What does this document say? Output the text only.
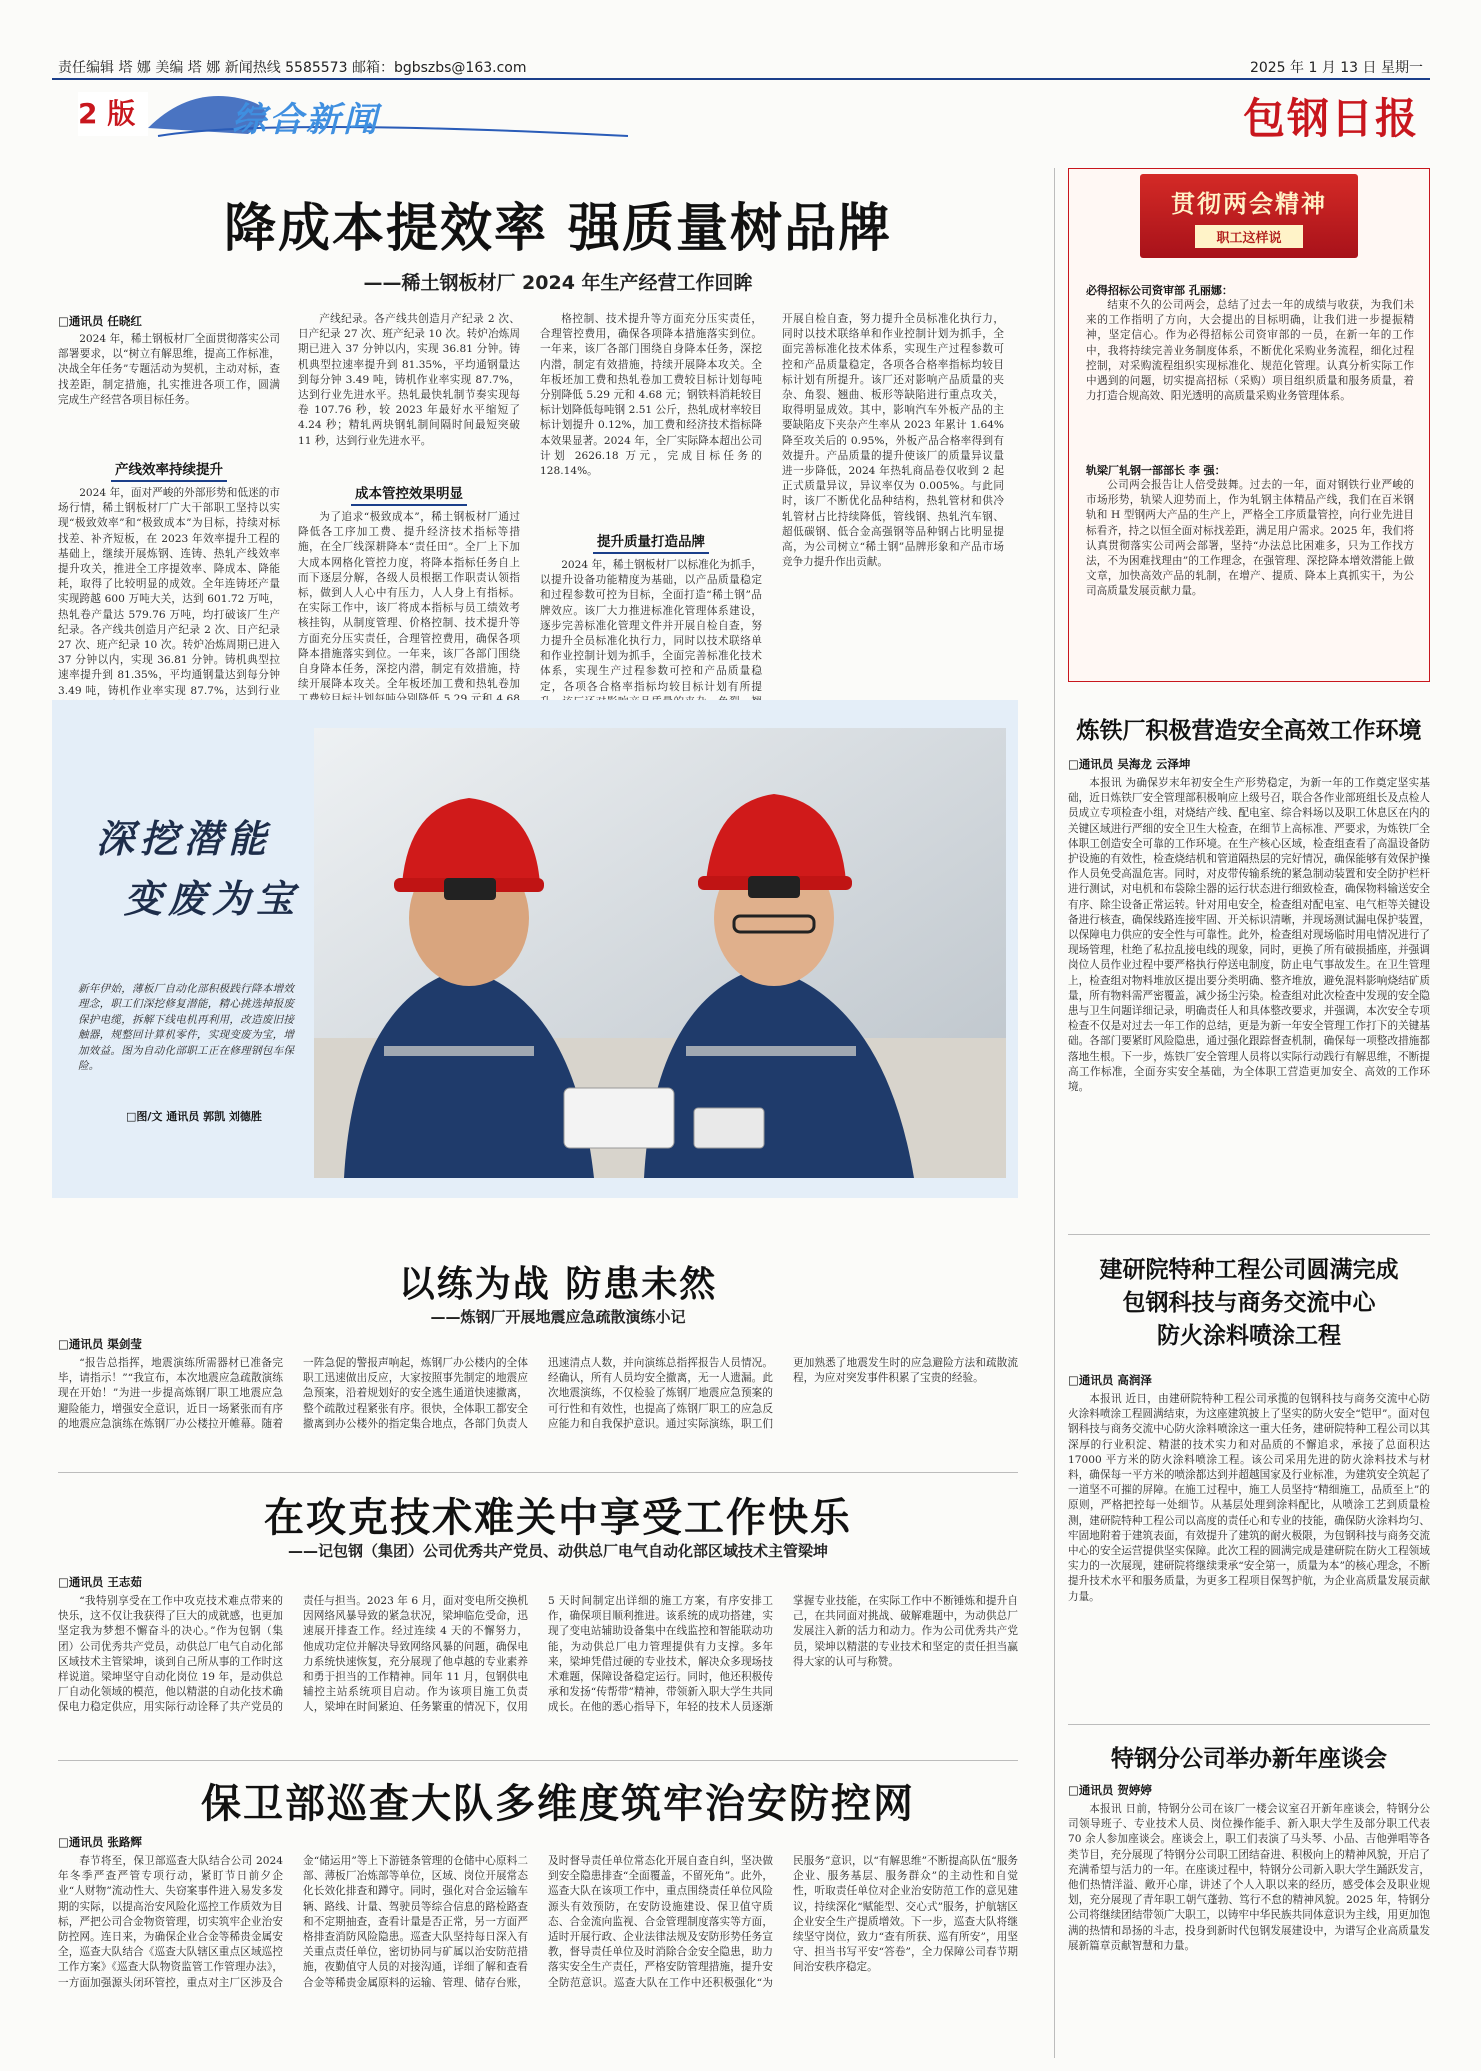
责任编辑 塔 娜 美编 塔 娜 新闻热线 5585573 邮箱：bgbszbs@163.com	2025 年 1 月 13 日 星期一
2 版	综合新闻	包钢日报
降成本提效率 强质量树品牌
——稀土钢板材厂 2024 年生产经营工作回眸
□通讯员 任晓红
2024 年，稀土钢板材厂全面贯彻落实公司部署要求，以“树立有解思维，提高工作标准，决战全年任务”专题活动为契机，主动对标，查找差距，制定措施，扎实推进各项工作，圆满完成生产经营各项目标任务。
产线效率持续提升
2024 年，面对严峻的外部形势和低迷的市场行情，稀土钢板材厂广大干部职工坚持以实现“极致效率”和“极致成本”为目标，持续对标找差、补齐短板，在 2023 年效率提升工程的基础上，继续开展炼钢、连铸、热轧产线效率提升攻关，推进全工序提效率、降成本、降能耗，取得了比较明显的成效。全年连铸坯产量实现跨越 600 万吨大关，达到 601.72 万吨，热轧卷产量达 579.76 万吨，均打破该厂生产纪录。各产线共创造月产纪录 2 次、日产纪录 27 次、班产纪录 10 次。转炉冶炼周期已进入 37 分钟以内，实现 36.81 分钟。铸机典型拉速率提升到 81.35%，平均通钢量达到每分钟 3.49 吨，铸机作业率实现 87.7%，达到行业
产线纪录。各产线共创造月产纪录 2 次、日产纪录 27 次、班产纪录 10 次。转炉冶炼周期已进入 37 分钟以内，实现 36.81 分钟。铸机典型拉速率提升到 81.35%，平均通钢量达到每分钟 3.49 吨，铸机作业率实现 87.7%，达到行业先进水平。热轧最快轧制节奏实现每卷 107.76 秒，较 2023 年最好水平缩短了 4.24 秒；精轧两块钢轧制间隔时间最短突破 11 秒，达到行业先进水平。
成本管控效果明显
为了追求“极致成本”，稀土钢板材厂通过降低各工序加工费、提升经济技术指标等措施，在全厂线深耕降本“责任田”。全厂上下加大成本网格化管控力度，将降本指标任务自上而下逐层分解，各级人员根据工作职责认领指标，做到人人心中有压力，人人身上有指标。在实际工作中，该厂将成本指标与员工绩效考核挂钩，从制度管理、价格控制、技术提升等方面充分压实责任，合理管控费用，确保各项降本措施落实到位。一年来，该厂各部门围绕自身降本任务，深挖内潜，制定有效措施，持续开展降本攻关。全年板坯加工费和热轧卷加
格控制、技术提升等方面充分压实责任，合理管控费用，确保各项降本措施落实到位。一年来，该厂各部门围绕自身降本任务，深挖内潜，制定有效措施，持续开展降本攻关。全年板坯加工费和热轧卷加工费较目标计划每吨分别降低 5.29 元和 4.68 元；钢铁料消耗较目标计划降低每吨钢 2.51 公斤，热轧成材率较目标计划提升 0.12%，加工费和经济技术指标降本效果显著。2024 年，全厂实际降本超出公司计划 2626.18 万元，完成目标任务的 128.14%。
提升质量打造品牌
2024 年，稀土钢板材厂以标准化为抓手，以提升设备功能精度为基础，以产品质量稳定和过程参数可控为目标，全面打造“稀土钢”品牌效应。该厂大力推进标准化管理体系建设，逐步完善标准化管理文件并开展自检自查，努力提升全员标准化执行力，同时以技术联络单和作业控制计划为抓手，全面完善标准化技术体系，实现生产过程参数可控和产品质量稳定，各项各合格率指标均较目标计划有所提
开展自检自查，努力提升全员标准化执行力，同时以技术联络单和作业控制计划为抓手，全面完善标准化技术体系，实现生产过程参数可控和产品质量稳定，各项各合格率指标均较目标计划有所提升。该厂还对影响产品质量的夹杂、角裂、翘曲、板形等缺陷进行重点攻关，取得明显成效。其中，影响汽车外板产品的主要缺陷皮下夹杂产生率从 2023 年累计 1.64%降至攻关后的 0.95%，外板产品合格率得到有效提升。产品质量的提升使该厂的质量异议量进一步降低，2024 年热轧商品卷仅收到 2 起正式质量异议，异议率仅为 0.005%。与此同时，该厂不断优化品种结构，热轧管材和供冷轧管材占比持续降低，管线钢、热轧汽车钢、超低碳钢、低合金高强钢等品种钢占比明显提高，为公司树立“稀土钢”品牌形象和产品市场竞争力提升作出贡献。
贯彻两会精神
职工这样说
必得招标公司资审部 孔丽娜：
结束不久的公司两会，总结了过去一年的成绩与收获，为我们未来的工作指明了方向，大会提出的目标明确，让我们进一步提振精神，坚定信心。作为必得招标公司资审部的一员，在新一年的工作中，我将持续完善业务制度体系，不断优化采购业务流程，细化过程控制，对采购流程组织实现标准化、规范化管理。认真分析实际工作中遇到的问题，切实提高招标（采购）项目组织质量和服务质量，着力打造合规高效、阳光透明的高质量采购业务管理体系。
轨梁厂轧钢一部部长 李 强：
公司两会报告让人倍受鼓舞。过去的一年，面对钢铁行业严峻的市场形势，轨梁人迎势而上，作为轧钢主体精品产线，我们在百米钢轨和 H 型钢两大产品的生产上，严格全工序质量管控，向行业先进目标看齐，持之以恒全面对标找差距，满足用户需求。2025 年，我们将认真贯彻落实公司两会部署，坚持“办法总比困难多，只为工作找方法，不为困难找理由”的工作理念，在强管理、深挖降本增效潜能上做文章，加快高效产品的轧制，在增产、提质、降本上真抓实干，为公司高质量发展贡献力量。
深挖潜能
变废为宝
新年伊始，薄板厂自动化部积极践行降本增效理念，职工们深挖修复潜能，精心挑选掉报废保护电缆，拆解下线电机再利用，改造废旧接触器，规整回计算机零件，实现变废为宝，增加效益。图为自动化部职工正在修理钢包车保险。
□图/文 通讯员 郭凯 刘德胜
炼铁厂积极营造安全高效工作环境
□通讯员 吴海龙 云泽坤
本报讯 为确保岁末年初安全生产形势稳定，为新一年的工作奠定坚实基础，近日炼铁厂安全管理部积极响应上级号召，联合各作业部班组长及点检人员成立专项检查小组，对烧结产线、配电室、综合料场以及职工休息区在内的关键区域进行严细的安全卫生大检查，在细节上高标准、严要求，为炼铁厂全体职工创造安全可靠的工作环境。在生产核心区域，检查组查看了高温设备防护设施的有效性，检查烧结机和管道隔热层的完好情况，确保能够有效保护操作人员免受高温危害。同时，对皮带传输系统的紧急制动装置和安全防护栏杆进行测试，对电机和布袋除尘器的运行状态进行细致检查，确保物料输送安全有序、除尘设备正常运转。针对用电安全，检查组对配电室、电气柜等关键设备进行核查，确保线路连接牢固、开关标识清晰，并现场测试漏电保护装置，以保障电力供应的安全性与可靠性。此外，检查组对现场临时用电情况进行了现场管理，杜绝了私拉乱接电线的现象，同时，更换了所有破损插座，并强调岗位人员作业过程中要严格执行停送电制度，防止电气事故发生。在卫生管理上，检查组对物料堆放区提出要分类明确、整齐堆放，避免混料影响烧结矿质量，所有物料需严密覆盖，减少扬尘污染。检查组对此次检查中发现的安全隐患与卫生问题详细记录，明确责任人和具体整改要求，并强调，本次安全专项检查不仅是对过去一年工作的总结，更是为新一年安全管理工作打下的关键基础。各部门要紧盯风险隐患，通过强化跟踪督查机制，确保每一项整改措施都落地生根。下一步，炼铁厂安全管理人员将以实际行动践行有解思维，不断提高工作标准，全面夯实安全基础，为全体职工营造更加安全、高效的工作环境。
以练为战 防患未然
——炼钢厂开展地震应急疏散演练小记
□通讯员 渠剑莹
“报告总指挥，地震演练所需器材已准备完毕，请指示！”“我宣布，本次地震应急疏散演练现在开始！”为进一步提高炼钢厂职工地震应急避险能力，增强安全意识，近日一场紧张而有序的地震应急演练在炼钢厂办公楼拉开帷幕。随着一阵急促的警报声响起，炼钢厂办公楼内的全体职工迅速做出反应，大家按照事先制定的地震应急预案，沿着规划好的安全逃生通道快速撤离，整个疏散过程紧张有序。很快，全体职工都安全撤离到办公楼外的指定集合地点，各部门负责人迅速清点人数，并向演练总指挥报告人员情况。经确认，所有人员均安全撤离，无一人遗漏。此次地震演练，不仅检验了炼钢厂地震应急预案的可行性和有效性，也提高了炼钢厂职工的应急反应能力和自我保护意识。通过实际演练，职工们更加熟悉了地震发生时的应急避险方法和疏散流程，为应对突发事件积累了宝贵的经验。
建研院特种工程公司圆满完成
包钢科技与商务交流中心
防火涂料喷涂工程
□通讯员 高润泽
本报讯 近日，由建研院特种工程公司承揽的包钢科技与商务交流中心防火涂料喷涂工程圆满结束，为这座建筑披上了坚实的防火安全“铠甲”。面对包钢科技与商务交流中心防火涂料喷涂这一重大任务，建研院特种工程公司以其深厚的行业积淀、精湛的技术实力和对品质的不懈追求，承接了总面积达 17000 平方米的防火涂料喷涂工程。该公司采用先进的防火涂料技术与材料，确保每一平方米的喷涂都达到并超越国家及行业标准，为建筑安全筑起了一道坚不可摧的屏障。在施工过程中，施工人员坚持“精细施工，品质至上”的原则，严格把控每一处细节。从基层处理到涂料配比，从喷涂工艺到质量检测，建研院特种工程公司以高度的责任心和专业的技能，确保防火涂料均匀、牢固地附着于建筑表面，有效提升了建筑的耐火极限，为包钢科技与商务交流中心的安全运营提供坚实保障。此次工程的圆满完成是建研院在防火工程领域实力的一次展现，建研院将继续秉承“安全第一，质量为本”的核心理念，不断提升技术水平和服务质量，为更多工程项目保驾护航，为企业高质量发展贡献力量。
在攻克技术难关中享受工作快乐
——记包钢（集团）公司优秀共产党员、动供总厂电气自动化部区域技术主管梁坤
□通讯员 王志茹
“我特别享受在工作中攻克技术难点带来的快乐，这不仅让我获得了巨大的成就感，也更加坚定我为梦想不懈奋斗的决心。”作为包钢（集团）公司优秀共产党员，动供总厂电气自动化部区域技术主管梁坤，谈到自己所从事的工作时这样说道。梁坤坚守自动化岗位 19 年，是动供总厂自动化领域的模范，他以精湛的自动化技术确保电力稳定供应，用实际行动诠释了共产党员的责任与担当。2023 年 6 月，面对变电所交换机因网络风暴导致的紧急状况，梁坤临危受命，迅速展开排查工作。经过连续 4 天的不懈努力，他成功定位并解决导致网络风暴的问题，确保电力系统快速恢复，充分展现了他卓越的专业素养和勇于担当的工作精神。同年 11 月，包钢供电辅控主站系统项目启动。作为该项目施工负责人，梁坤在时间紧迫、任务繁重的情况下，仅用 5 天时间制定出详细的施工方案，有序安排工作，确保项目顺利推进。该系统的成功搭建，实现了变电站辅助设备集中在线监控和智能联动功能，为动供总厂电力管理提供有力支撑。多年来，梁坤凭借过硬的专业技术，解决众多现场技术难题，保障设备稳定运行。同时，他还积极传承和发扬“传帮带”精神，带领新入职大学生共同成长。在他的悉心指导下，年轻的技术人员逐渐掌握专业技能，在实际工作中不断锤炼和提升自己，在共同面对挑战、破解难题中，为动供总厂发展注入新的活力和动力。作为公司优秀共产党员，梁坤以精湛的专业技术和坚定的责任担当赢得大家的认可与称赞。
特钢分公司举办新年座谈会
□通讯员 贺婷婷
本报讯 日前，特钢分公司在该厂一楼会议室召开新年座谈会，特钢分公司领导班子、专业技术人员、岗位操作能手、新入职大学生及部分职工代表 70 余人参加座谈会。座谈会上，职工们表演了马头琴、小品、吉他弹唱等各类节目，充分展现了特钢分公司职工团结奋进、积极向上的精神风貌，开启了充满希望与活力的一年。在座谈过程中，特钢分公司新入职大学生踊跃发言，他们热情洋溢、敞开心扉，讲述了个人入职以来的经历，感受体会及职业规划，充分展现了青年职工朝气蓬勃、笃行不怠的精神风貌。2025 年，特钢分公司将继续团结带领广大职工，以铸牢中华民族共同体意识为主线，用更加饱满的热情和昂扬的斗志，投身到新时代包钢发展建设中，为谱写企业高质量发展新篇章贡献智慧和力量。
保卫部巡查大队多维度筑牢治安防控网
□通讯员 张路辉
春节将至，保卫部巡查大队结合公司 2024 年冬季严查严管专项行动，紧盯节日前夕企业“人财物”流动性大、失窃案事件进入易发多发期的实际，以提高治安风险化巡控工作质效为目标，严把公司合金物资管理，切实筑牢企业治安防控网。连日来，为确保企业合金等稀贵金属安全，巡查大队结合《巡查大队辖区重点区域巡控工作方案》《巡查大队物资监管工作管理办法》，一方面加强源头闭环管控，重点对主厂区涉及合金“储运用”等上下游链条管理的仓储中心原料二部、薄板厂冶炼部等单位，区域、岗位开展常态化长效化排查和蹲守。同时，强化对合金运输车辆、路线、计量、驾驶员等综合信息的路检路查和不定期抽查，查看计量是否正常，另一方面严格排查消防风险隐患。巡查大队坚持每日深入有关重点责任单位，密切协同与矿属以治安防范措施，夜勤值守人员的对接沟通，详细了解和查看合金等稀贵金属原料的运输、管理、储存台账，及时督导责任单位常态化开展自查自纠，坚决做到安全隐患排查“全面覆盖，不留死角”。此外，巡查大队在该项工作中，重点围绕责任单位风险源头有效预防，在安防设施建设、保卫值守质态、合金流向监视、合金管理制度落实等方面，适时开展行政、企业法律法规及安防形势任务宣教，督导责任单位及时消除合金安全隐患，助力落实安全生产责任，严格安防管理措施，提升安全防范意识。巡查大队在工作中还积极强化“为民服务”意识，以“有解思维”不断提高队伍“服务企业、服务基层、服务群众”的主动性和自觉性，听取责任单位对企业治安防范工作的意见建议，持续深化“赋能型、交心式”服务，护航辖区企业安全生产提质增效。下一步，巡查大队将继续坚守岗位，致力“查有所获、巡有所安”，用坚守、担当书写平安“答卷”，全力保障公司春节期间治安秩序稳定。
